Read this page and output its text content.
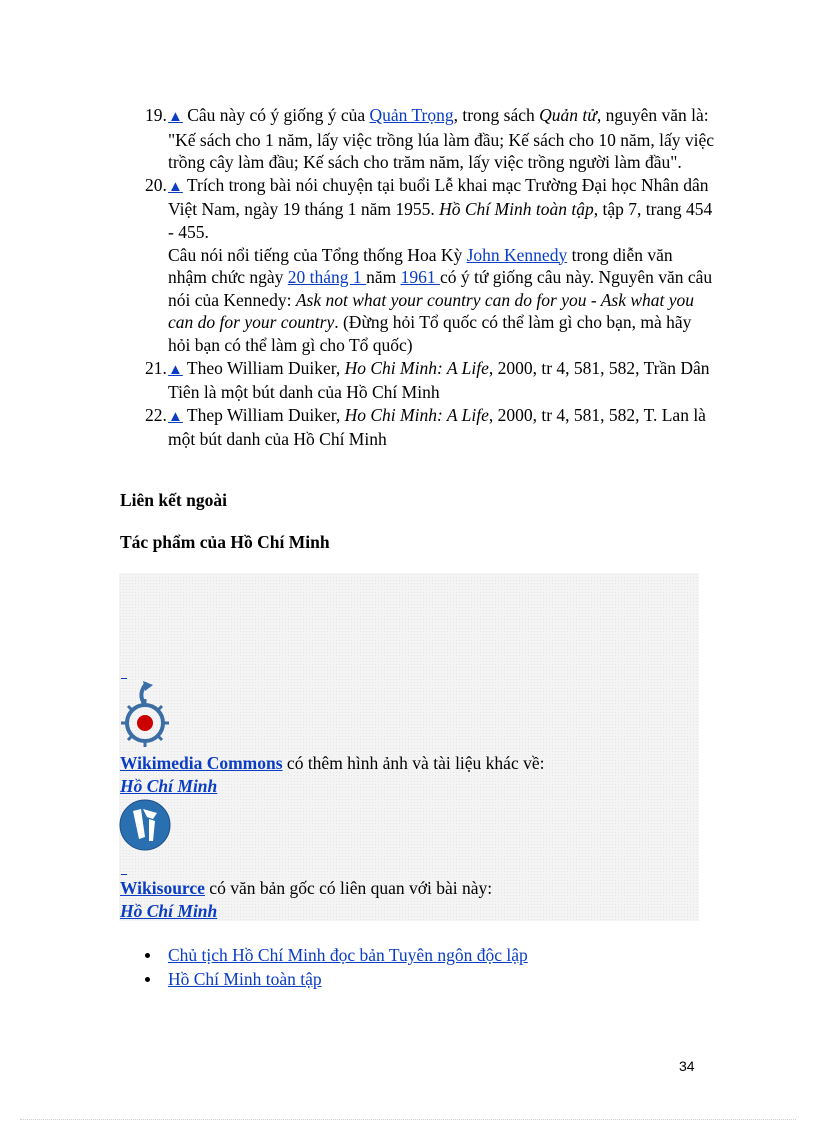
19. ▲ Câu này có ý giống ý của Quản Trọng, trong sách Quản tử, nguyên văn là: "Kế sách cho 1 năm, lấy việc trồng lúa làm đầu; Kế sách cho 10 năm, lấy việc trồng cây làm đầu; Kế sách cho trăm năm, lấy việc trồng người làm đầu".
20. ▲ Trích trong bài nói chuyện tại buổi Lễ khai mạc Trường Đại học Nhân dân Việt Nam, ngày 19 tháng 1 năm 1955. Hồ Chí Minh toàn tập, tập 7, trang 454 - 455.
Câu nói nổi tiếng của Tổng thống Hoa Kỳ John Kennedy trong diễn văn nhậm chức ngày 20 tháng 1 năm 1961 có ý tứ giống câu này. Nguyên văn câu nói của Kennedy: Ask not what your country can do for you - Ask what you can do for your country. (Đừng hỏi Tổ quốc có thể làm gì cho bạn, mà hãy hỏi bạn có thể làm gì cho Tổ quốc)
21. ▲ Theo William Duiker, Ho Chi Minh: A Life, 2000, tr 4, 581, 582, Trần Dân Tiên là một bút danh của Hồ Chí Minh
22. ▲ Thep William Duiker, Ho Chi Minh: A Life, 2000, tr 4, 581, 582, T. Lan là một bút danh của Hồ Chí Minh
Liên kết ngoài
Tác phẩm của Hồ Chí Minh
_
Wikimedia Commons có thêm hình ảnh và tài liệu khác về:
Hồ Chí Minh
_
Wikisource có văn bản gốc có liên quan với bài này:
Hồ Chí Minh
Chủ tịch Hồ Chí Minh đọc bản Tuyên ngôn độc lập
Hồ Chí Minh toàn tập
34
